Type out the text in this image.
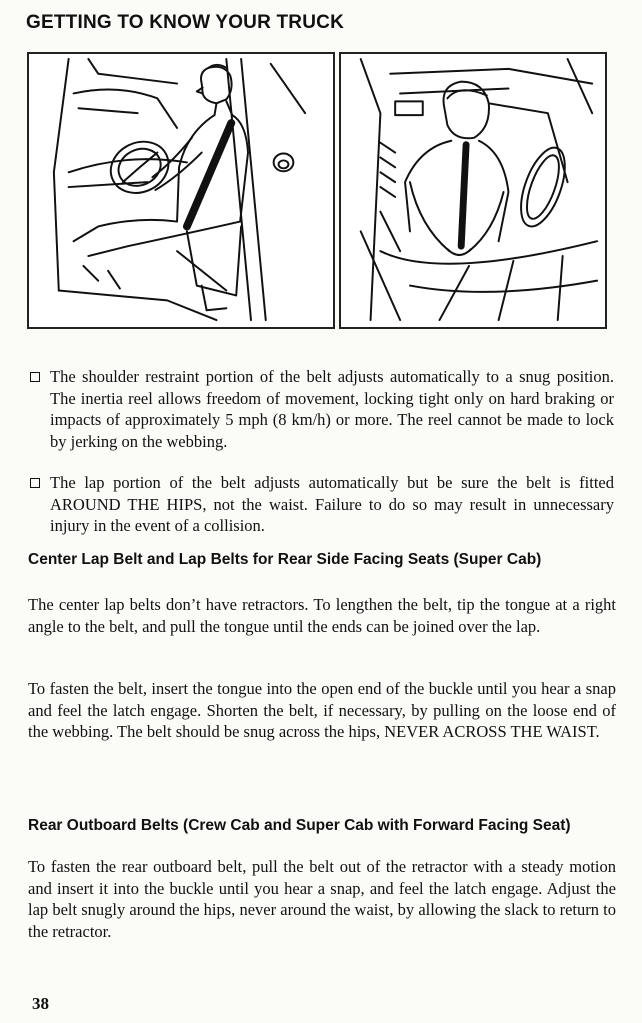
GETTING TO KNOW YOUR TRUCK
The shoulder restraint portion of the belt adjusts automatically to a snug position. The inertia reel allows freedom of movement, locking tight only on hard braking or impacts of approximately 5 mph (8 km/h) or more. The reel cannot be made to lock by jerking on the webbing.
The lap portion of the belt adjusts automatically but be sure the belt is fitted AROUND THE HIPS, not the waist. Failure to do so may result in unnecessary injury in the event of a collision.
Center Lap Belt and Lap Belts for Rear Side Facing Seats (Super Cab)
The center lap belts don’t have retractors. To lengthen the belt, tip the tongue at a right angle to the belt, and pull the tongue until the ends can be joined over the lap.
To fasten the belt, insert the tongue into the open end of the buckle until you hear a snap and feel the latch engage. Shorten the belt, if necessary, by pulling on the loose end of the webbing. The belt should be snug across the hips, NEVER ACROSS THE WAIST.
Rear Outboard Belts (Crew Cab and Super Cab with Forward Facing Seat)
To fasten the rear outboard belt, pull the belt out of the retractor with a steady motion and insert it into the buckle until you hear a snap, and feel the latch engage. Adjust the lap belt snugly around the hips, never around the waist, by allowing the slack to return to the retractor.
38
